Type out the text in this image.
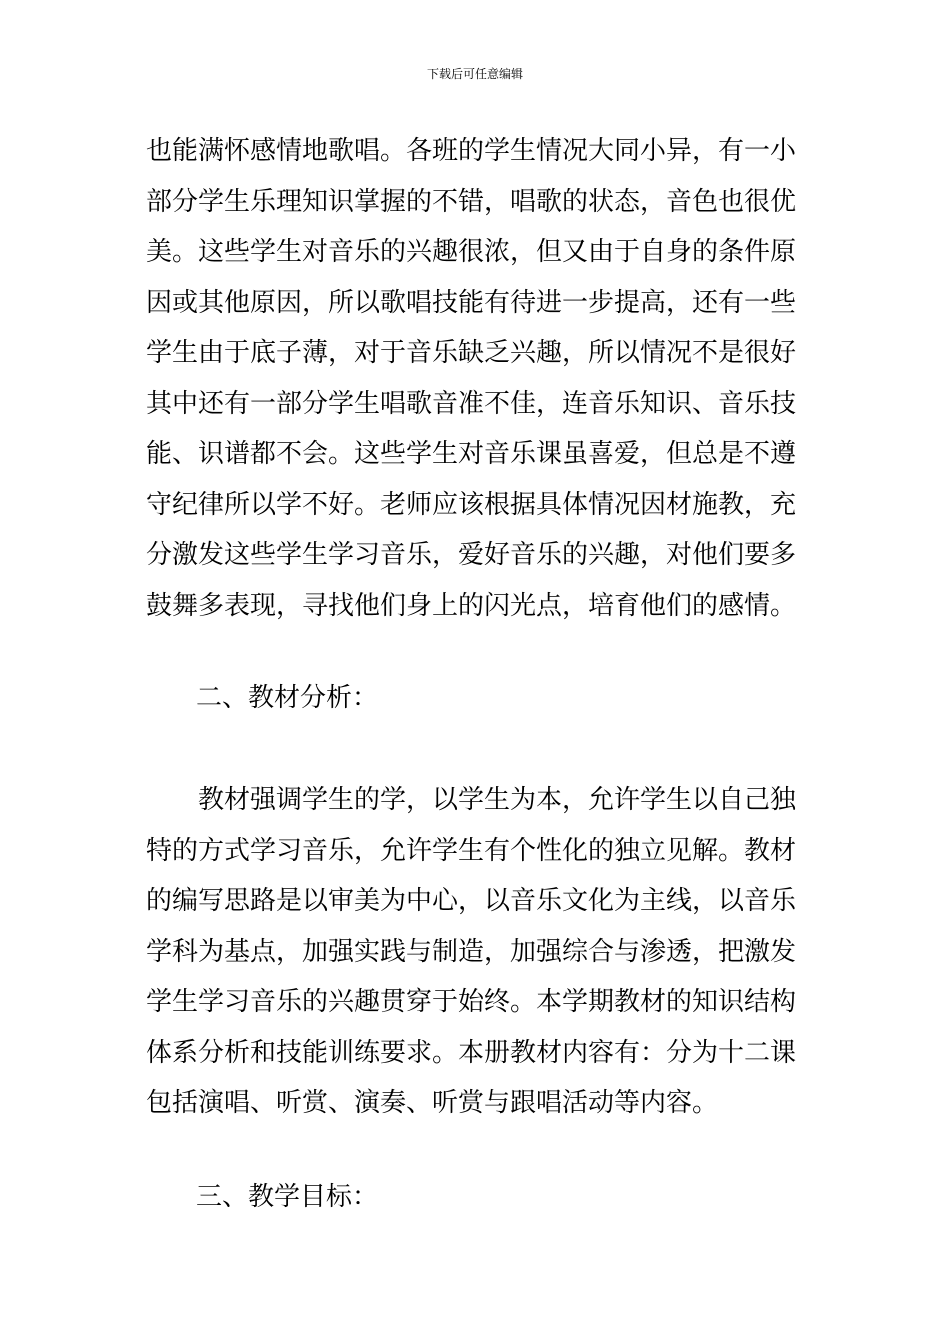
下载后可任意编辑
也能满怀感情地歌唱。各班的学生情况大同小异，有一小
部分学生乐理知识掌握的不错，唱歌的状态，音色也很优
美。这些学生对音乐的兴趣很浓，但又由于自身的条件原
因或其他原因，所以歌唱技能有待进一步提高，还有一些
学生由于底子薄，对于音乐缺乏兴趣，所以情况不是很好
其中还有一部分学生唱歌音准不佳，连音乐知识、音乐技
能、识谱都不会。这些学生对音乐课虽喜爱，但总是不遵
守纪律所以学不好。老师应该根据具体情况因材施教，充
分激发这些学生学习音乐，爱好音乐的兴趣，对他们要多
鼓舞多表现，寻找他们身上的闪光点，培育他们的感情。
二、教材分析：
教材强调学生的学，以学生为本，允许学生以自己独
特的方式学习音乐，允许学生有个性化的独立见解。教材
的编写思路是以审美为中心，以音乐文化为主线，以音乐
学科为基点，加强实践与制造，加强综合与渗透，把激发
学生学习音乐的兴趣贯穿于始终。本学期教材的知识结构
体系分析和技能训练要求。本册教材内容有：分为十二课
包括演唱、听赏、演奏、听赏与跟唱活动等内容。
三、教学目标：
